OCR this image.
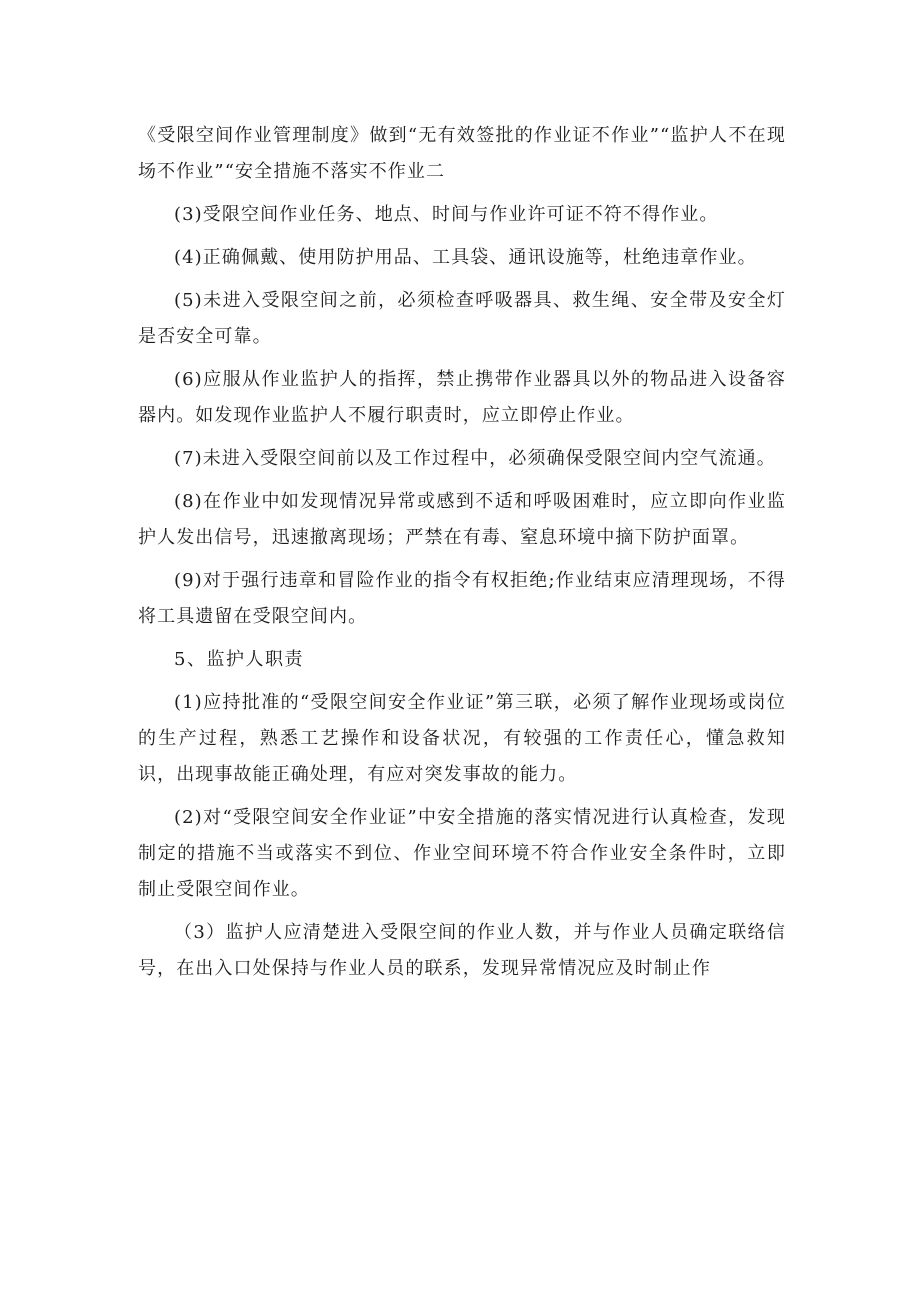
《受限空间作业管理制度》做到“无有效签批的作业证不作业”“监护人不在现场不作业”“安全措施不落实不作业二

(3)受限空间作业任务、地点、时间与作业许可证不符不得作业。

(4)正确佩戴、使用防护用品、工具袋、通讯设施等，杜绝违章作业。

(5)未进入受限空间之前，必须检查呼吸器具、救生绳、安全带及安全灯是否安全可靠。

(6)应服从作业监护人的指挥，禁止携带作业器具以外的物品进入设备容器内。如发现作业监护人不履行职责时，应立即停止作业。

(7)未进入受限空间前以及工作过程中，必须确保受限空间内空气流通。

(8)在作业中如发现情况异常或感到不适和呼吸困难时，应立即向作业监护人发出信号，迅速撤离现场；严禁在有毒、窒息环境中摘下防护面罩。

(9)对于强行违章和冒险作业的指令有权拒绝;作业结束应清理现场，不得将工具遗留在受限空间内。

5、监护人职责

(1)应持批准的“受限空间安全作业证”第三联，必须了解作业现场或岗位的生产过程，熟悉工艺操作和设备状况，有较强的工作责任心，懂急救知识，出现事故能正确处理，有应对突发事故的能力。

(2)对“受限空间安全作业证”中安全措施的落实情况进行认真检查，发现制定的措施不当或落实不到位、作业空间环境不符合作业安全条件时，立即制止受限空间作业。

（3）监护人应清楚进入受限空间的作业人数，并与作业人员确定联络信号，在出入口处保持与作业人员的联系，发现异常情况应及时制止作
